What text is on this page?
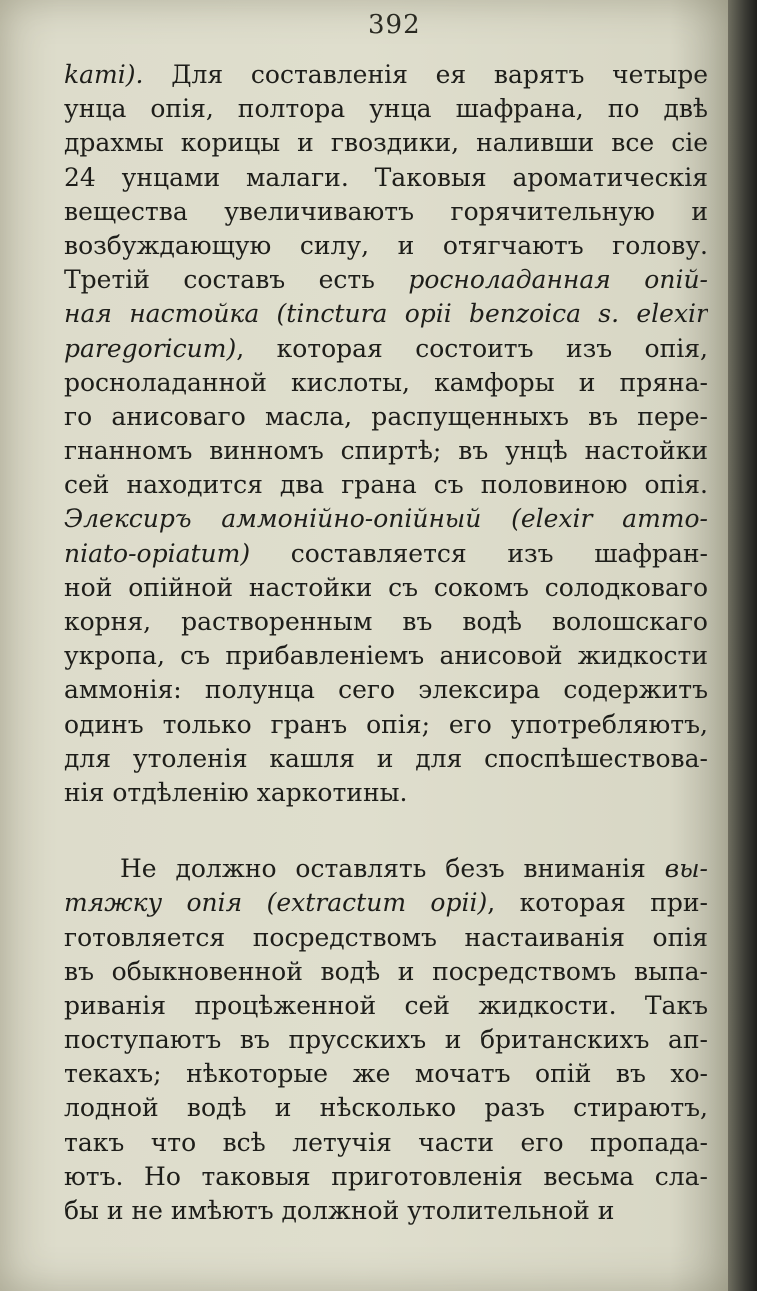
392
kami). Для составленія ея варятъ четыре
унца опія, полтора унца шафрана, по двѣ
драхмы корицы и гвоздики, наливши все сіе
24 унцами малаги. Таковыя ароматическія
вещества увеличиваютъ горячительную и
возбуждающую силу, и отягчаютъ голову.
Третій составъ есть росноладанная опій-
ная настойка (tinctura opii benzoica s. elexir
paregoricum), которая состоитъ изъ опія,
росноладанной кислоты, камфоры и пряна-
го анисоваго масла, распущенныхъ въ пере-
гнанномъ винномъ спиртѣ; въ унцѣ настойки
сей находится два грана съ половиною опія.
Элексиръ аммонійно-опійный (elexir ammo-
niato-opiatum) составляется изъ шафран-
ной опійной настойки съ сокомъ солодковаго
корня, растворенным въ водѣ волошскаго
укропа, съ прибавленіемъ анисовой жидкости
аммонія: полунца сего элексира содержитъ
одинъ только гранъ опія; его употребляютъ,
для утоленія кашля и для споспѣшествова-
нія отдѣленію харкотины.
Не должно оставлять безъ вниманія вы-
тяжку опія (extractum opii), которая при-
готовляется посредствомъ настаиванія опія
въ обыкновенной водѣ и посредствомъ выпа-
риванія процѣженной сей жидкости. Такъ
поступаютъ въ прусскихъ и британскихъ ап-
текахъ; нѣкоторые же мочатъ опій въ хо-
лодной водѣ и нѣсколько разъ стираютъ,
такъ что всѣ летучія части его пропада-
ютъ. Но таковыя приготовленія весьма сла-
бы и не имѣютъ должной утолительной и
